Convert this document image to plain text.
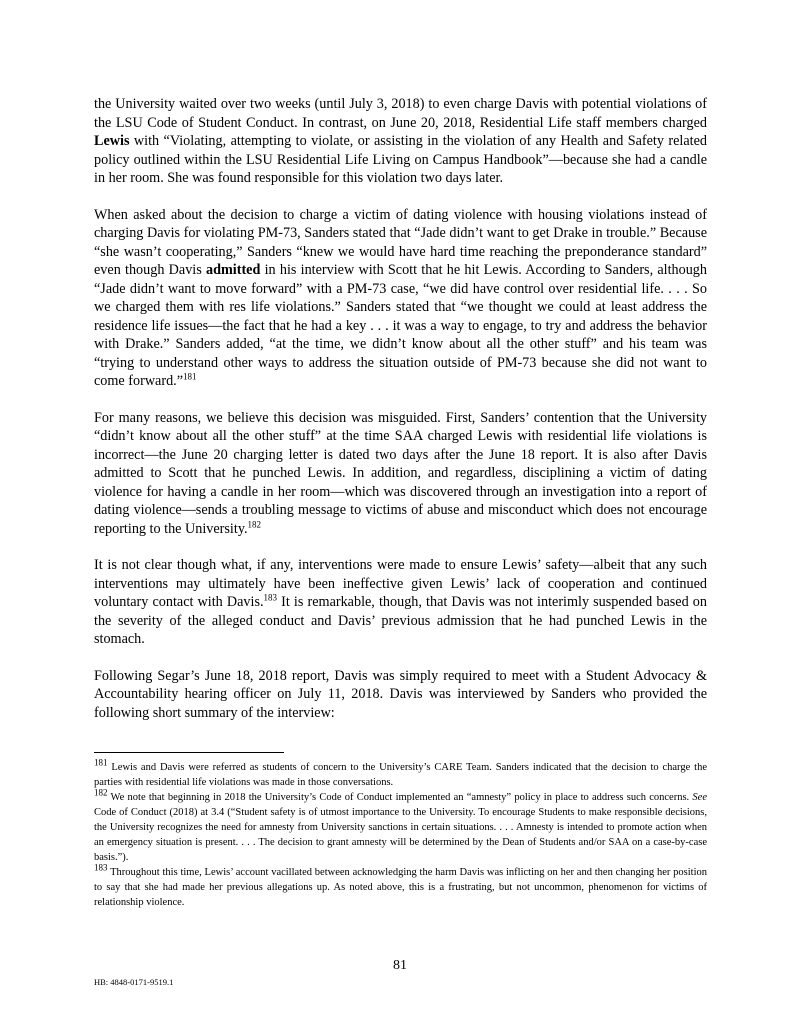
the University waited over two weeks (until July 3, 2018) to even charge Davis with potential violations of the LSU Code of Student Conduct. In contrast, on June 20, 2018, Residential Life staff members charged Lewis with “Violating, attempting to violate, or assisting in the violation of any Health and Safety related policy outlined within the LSU Residential Life Living on Campus Handbook”—because she had a candle in her room. She was found responsible for this violation two days later.

When asked about the decision to charge a victim of dating violence with housing violations instead of charging Davis for violating PM-73, Sanders stated that “Jade didn’t want to get Drake in trouble.” Because “she wasn’t cooperating,” Sanders “knew we would have hard time reaching the preponderance standard” even though Davis admitted in his interview with Scott that he hit Lewis. According to Sanders, although “Jade didn’t want to move forward” with a PM-73 case, “we did have control over residential life. . . . So we charged them with res life violations.” Sanders stated that “we thought we could at least address the residence life issues—the fact that he had a key . . . it was a way to engage, to try and address the behavior with Drake.” Sanders added, “at the time, we didn’t know about all the other stuff” and his team was “trying to understand other ways to address the situation outside of PM-73 because she did not want to come forward.”$^{181}$

For many reasons, we believe this decision was misguided. First, Sanders’ contention that the University “didn’t know about all the other stuff” at the time SAA charged Lewis with residential life violations is incorrect—the June 20 charging letter is dated two days after the June 18 report. It is also after Davis admitted to Scott that he punched Lewis. In addition, and regardless, disciplining a victim of dating violence for having a candle in her room—which was discovered through an investigation into a report of dating violence—sends a troubling message to victims of abuse and misconduct which does not encourage reporting to the University.$^{182}$

It is not clear though what, if any, interventions were made to ensure Lewis’ safety—albeit that any such interventions may ultimately have been ineffective given Lewis’ lack of cooperation and continued voluntary contact with Davis.$^{183}$ It is remarkable, though, that Davis was not interimly suspended based on the severity of the alleged conduct and Davis’ previous admission that he had punched Lewis in the stomach.

Following Segar’s June 18, 2018 report, Davis was simply required to meet with a Student Advocacy & Accountability hearing officer on July 11, 2018. Davis was interviewed by Sanders who provided the following short summary of the interview:

$^{181}$ Lewis and Davis were referred as students of concern to the University’s CARE Team. Sanders indicated that the decision to charge the parties with residential life violations was made in those conversations.

$^{182}$ We note that beginning in 2018 the University’s Code of Conduct implemented an “amnesty” policy in place to address such concerns. See Code of Conduct (2018) at 3.4 (“Student safety is of utmost importance to the University. To encourage Students to make responsible decisions, the University recognizes the need for amnesty from University sanctions in certain situations. . . . Amnesty is intended to promote action when an emergency situation is present. . . . The decision to grant amnesty will be determined by the Dean of Students and/or SAA on a case-by-case basis.”).

$^{183}$ Throughout this time, Lewis’ account vacillated between acknowledging the harm Davis was inflicting on her and then changing her position to say that she had made her previous allegations up. As noted above, this is a frustrating, but not uncommon, phenomenon for victims of relationship violence.

81
HB: 4848-0171-9519.1
